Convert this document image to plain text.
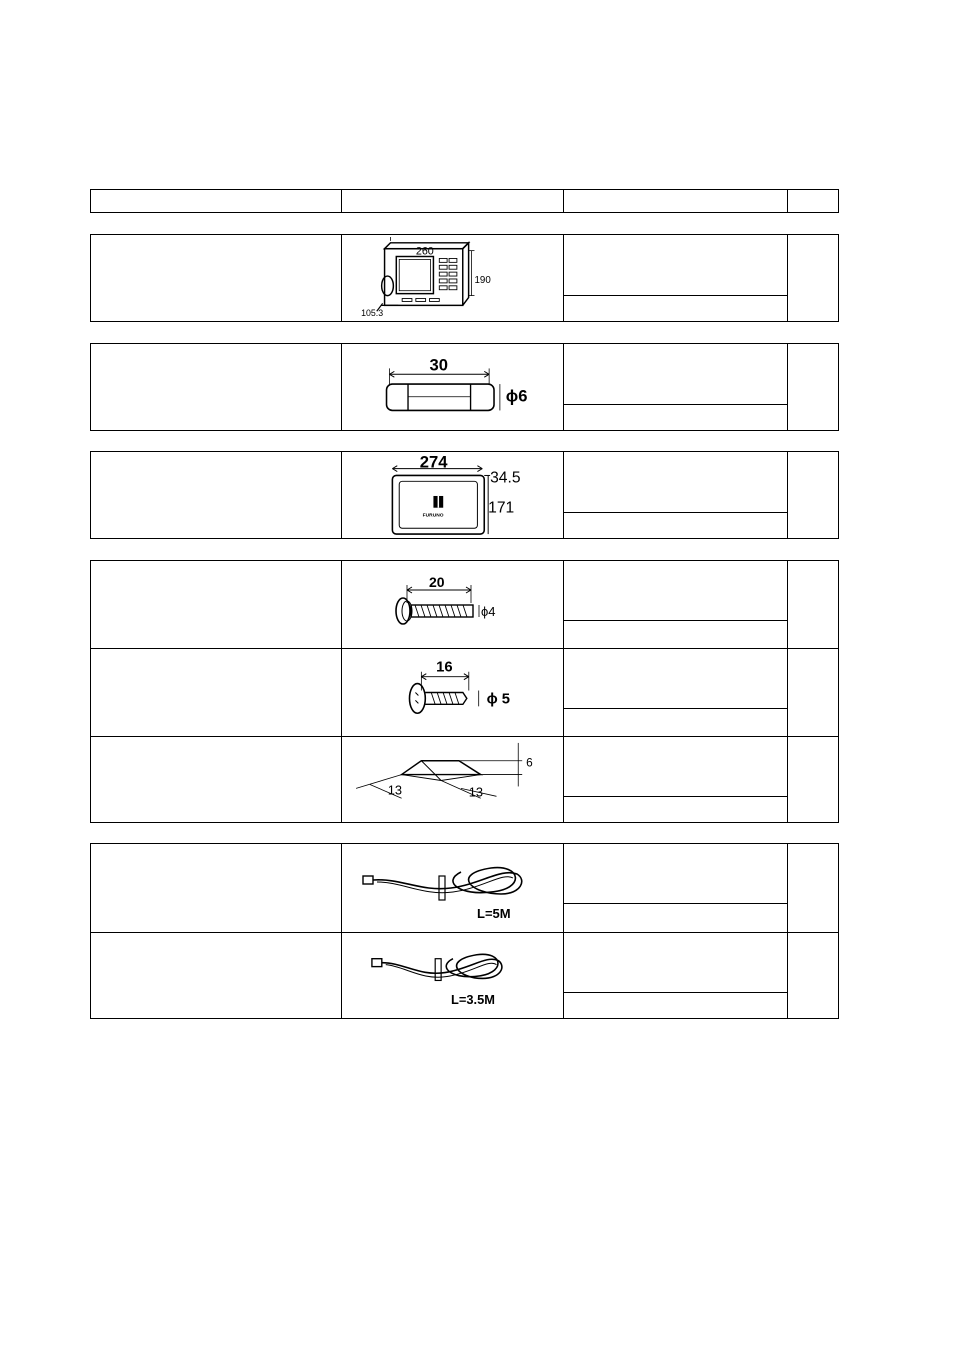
260
190
105.3
30
ϕ6
FURUNO
274
34.5
171
20
ϕ4
16
ϕ 5
13	13
6
L=5M
L=3.5M
